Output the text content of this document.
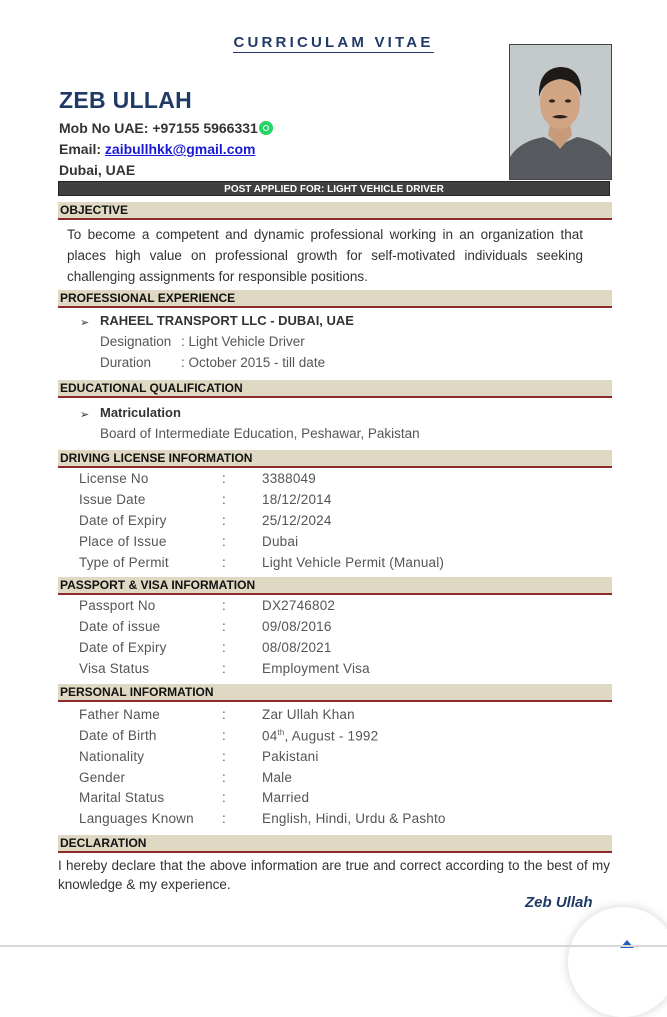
CURRICULAM VITAE
ZEB ULLAH
Mob No UAE: +97155 5966331
Email: zaibullhkk@gmail.com
Dubai, UAE
POST APPLIED FOR: LIGHT VEHICLE DRIVER
OBJECTIVE
To become a competent and dynamic professional working in an organization that places high value on professional growth for self-motivated individuals seeking challenging assignments for responsible positions.
PROFESSIONAL EXPERIENCE
➢ RAHEEL TRANSPORT LLC - DUBAI, UAE
Designation : Light Vehicle Driver
Duration : October 2015 - till date
EDUCATIONAL QUALIFICATION
➢ Matriculation
Board of Intermediate Education, Peshawar, Pakistan
DRIVING LICENSE INFORMATION
License No	:	3388049
Issue Date	:	18/12/2014
Date of Expiry	:	25/12/2024
Place of Issue	:	Dubai
Type of Permit	:	Light Vehicle Permit (Manual)
PASSPORT & VISA INFORMATION
Passport No	:	DX2746802
Date of issue	:	09/08/2016
Date of Expiry	:	08/08/2021
Visa Status	:	Employment Visa
PERSONAL INFORMATION
Father Name	:	Zar Ullah Khan
Date of Birth	:	04th, August - 1992
Nationality	:	Pakistani
Gender	:	Male
Marital Status	:	Married
Languages Known :	English, Hindi, Urdu & Pashto
DECLARATION
I hereby declare that the above information are true and correct according to the best of my knowledge & my experience.
Zeb Ullah
